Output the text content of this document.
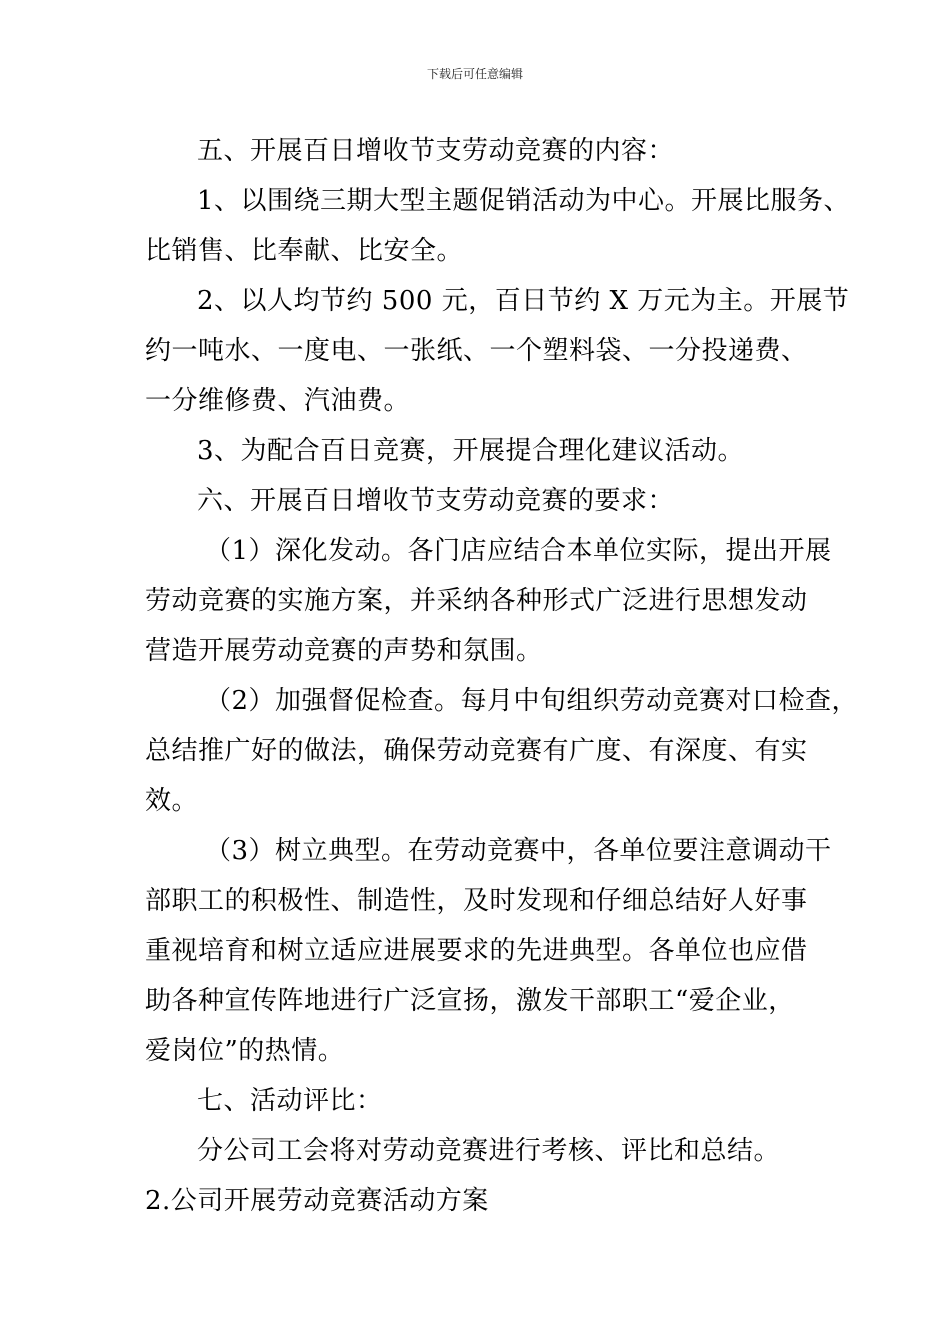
下载后可任意编辑
五、开展百日增收节支劳动竞赛的内容：
1、以围绕三期大型主题促销活动为中心。开展比服务、
比销售、比奉献、比安全。
2、以人均节约 500 元，百日节约 X 万元为主。开展节
约一吨水、一度电、一张纸、一个塑料袋、一分投递费、
一分维修费、汽油费。
3、为配合百日竞赛，开展提合理化建议活动。
六、开展百日增收节支劳动竞赛的要求：
（1）深化发动。各门店应结合本单位实际，提出开展
劳动竞赛的实施方案，并采纳各种形式广泛进行思想发动
营造开展劳动竞赛的声势和氛围。
（2）加强督促检查。每月中旬组织劳动竞赛对口检查，
总结推广好的做法，确保劳动竞赛有广度、有深度、有实
效。
（3）树立典型。在劳动竞赛中，各单位要注意调动干
部职工的积极性、制造性，及时发现和仔细总结好人好事
重视培育和树立适应进展要求的先进典型。各单位也应借
助各种宣传阵地进行广泛宣扬，激发干部职工“爱企业，
爱岗位”的热情。
七、活动评比：
分公司工会将对劳动竞赛进行考核、评比和总结。
2.公司开展劳动竞赛活动方案
